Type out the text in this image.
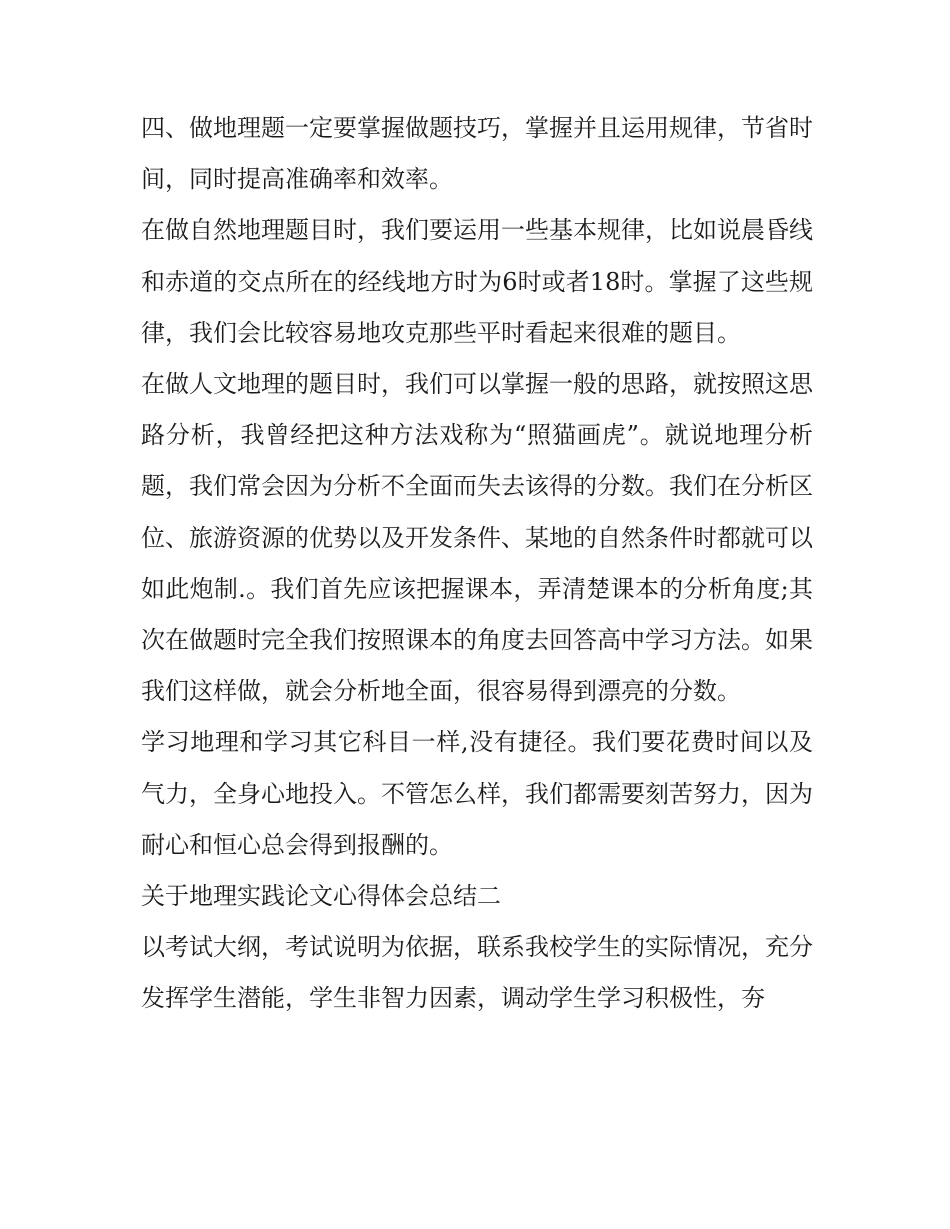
四、做地理题一定要掌握做题技巧，掌握并且运用规律，节省时间，同时提高准确率和效率。

在做自然地理题目时，我们要运用一些基本规律，比如说晨昏线和赤道的交点所在的经线地方时为6时或者18时。掌握了这些规律，我们会比较容易地攻克那些平时看起来很难的题目。

在做人文地理的题目时，我们可以掌握一般的思路，就按照这思路分析，我曾经把这种方法戏称为“照猫画虎”。就说地理分析题，我们常会因为分析不全面而失去该得的分数。我们在分析区位、旅游资源的优势以及开发条件、某地的自然条件时都就可以如此炮制.。我们首先应该把握课本，弄清楚课本的分析角度;其次在做题时完全我们按照课本的角度去回答高中学习方法。如果我们这样做，就会分析地全面，很容易得到漂亮的分数。

学习地理和学习其它科目一样,没有捷径。我们要花费时间以及气力，全身心地投入。不管怎么样，我们都需要刻苦努力，因为耐心和恒心总会得到报酬的。

关于地理实践论文心得体会总结二

以考试大纲，考试说明为依据，联系我校学生的实际情况，充分发挥学生潜能，学生非智力因素，调动学生学习积极性，夯
